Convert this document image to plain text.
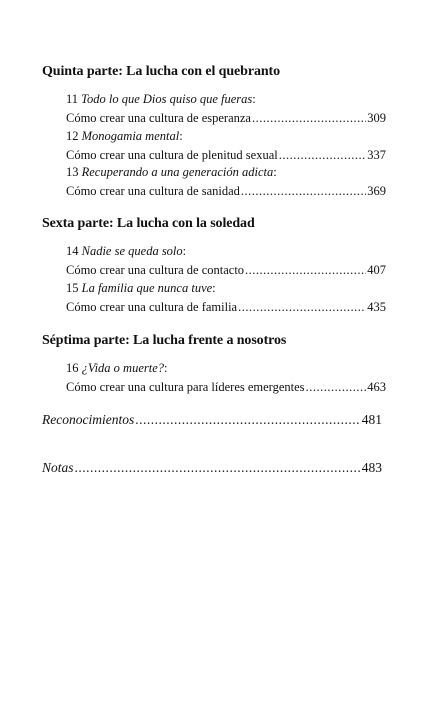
Quinta parte: La lucha con el quebranto
11 Todo lo que Dios quiso que fueras:
Cómo crear una cultura de esperanza .....	309
12 Monogamia mental:
Cómo crear una cultura de plenitud sexual .....	337
13 Recuperando a una generación adicta:
Cómo crear una cultura de sanidad .....	369
Sexta parte: La lucha con la soledad
14 Nadie se queda solo:
Cómo crear una cultura de contacto .....	407
15 La familia que nunca tuve:
Cómo crear una cultura de familia .....	435
Séptima parte: La lucha frente a nosotros
16 ¿Vida o muerte?:
Cómo crear una cultura para líderes emergentes .....	463
Reconocimientos .....	481
Notas .....	483
